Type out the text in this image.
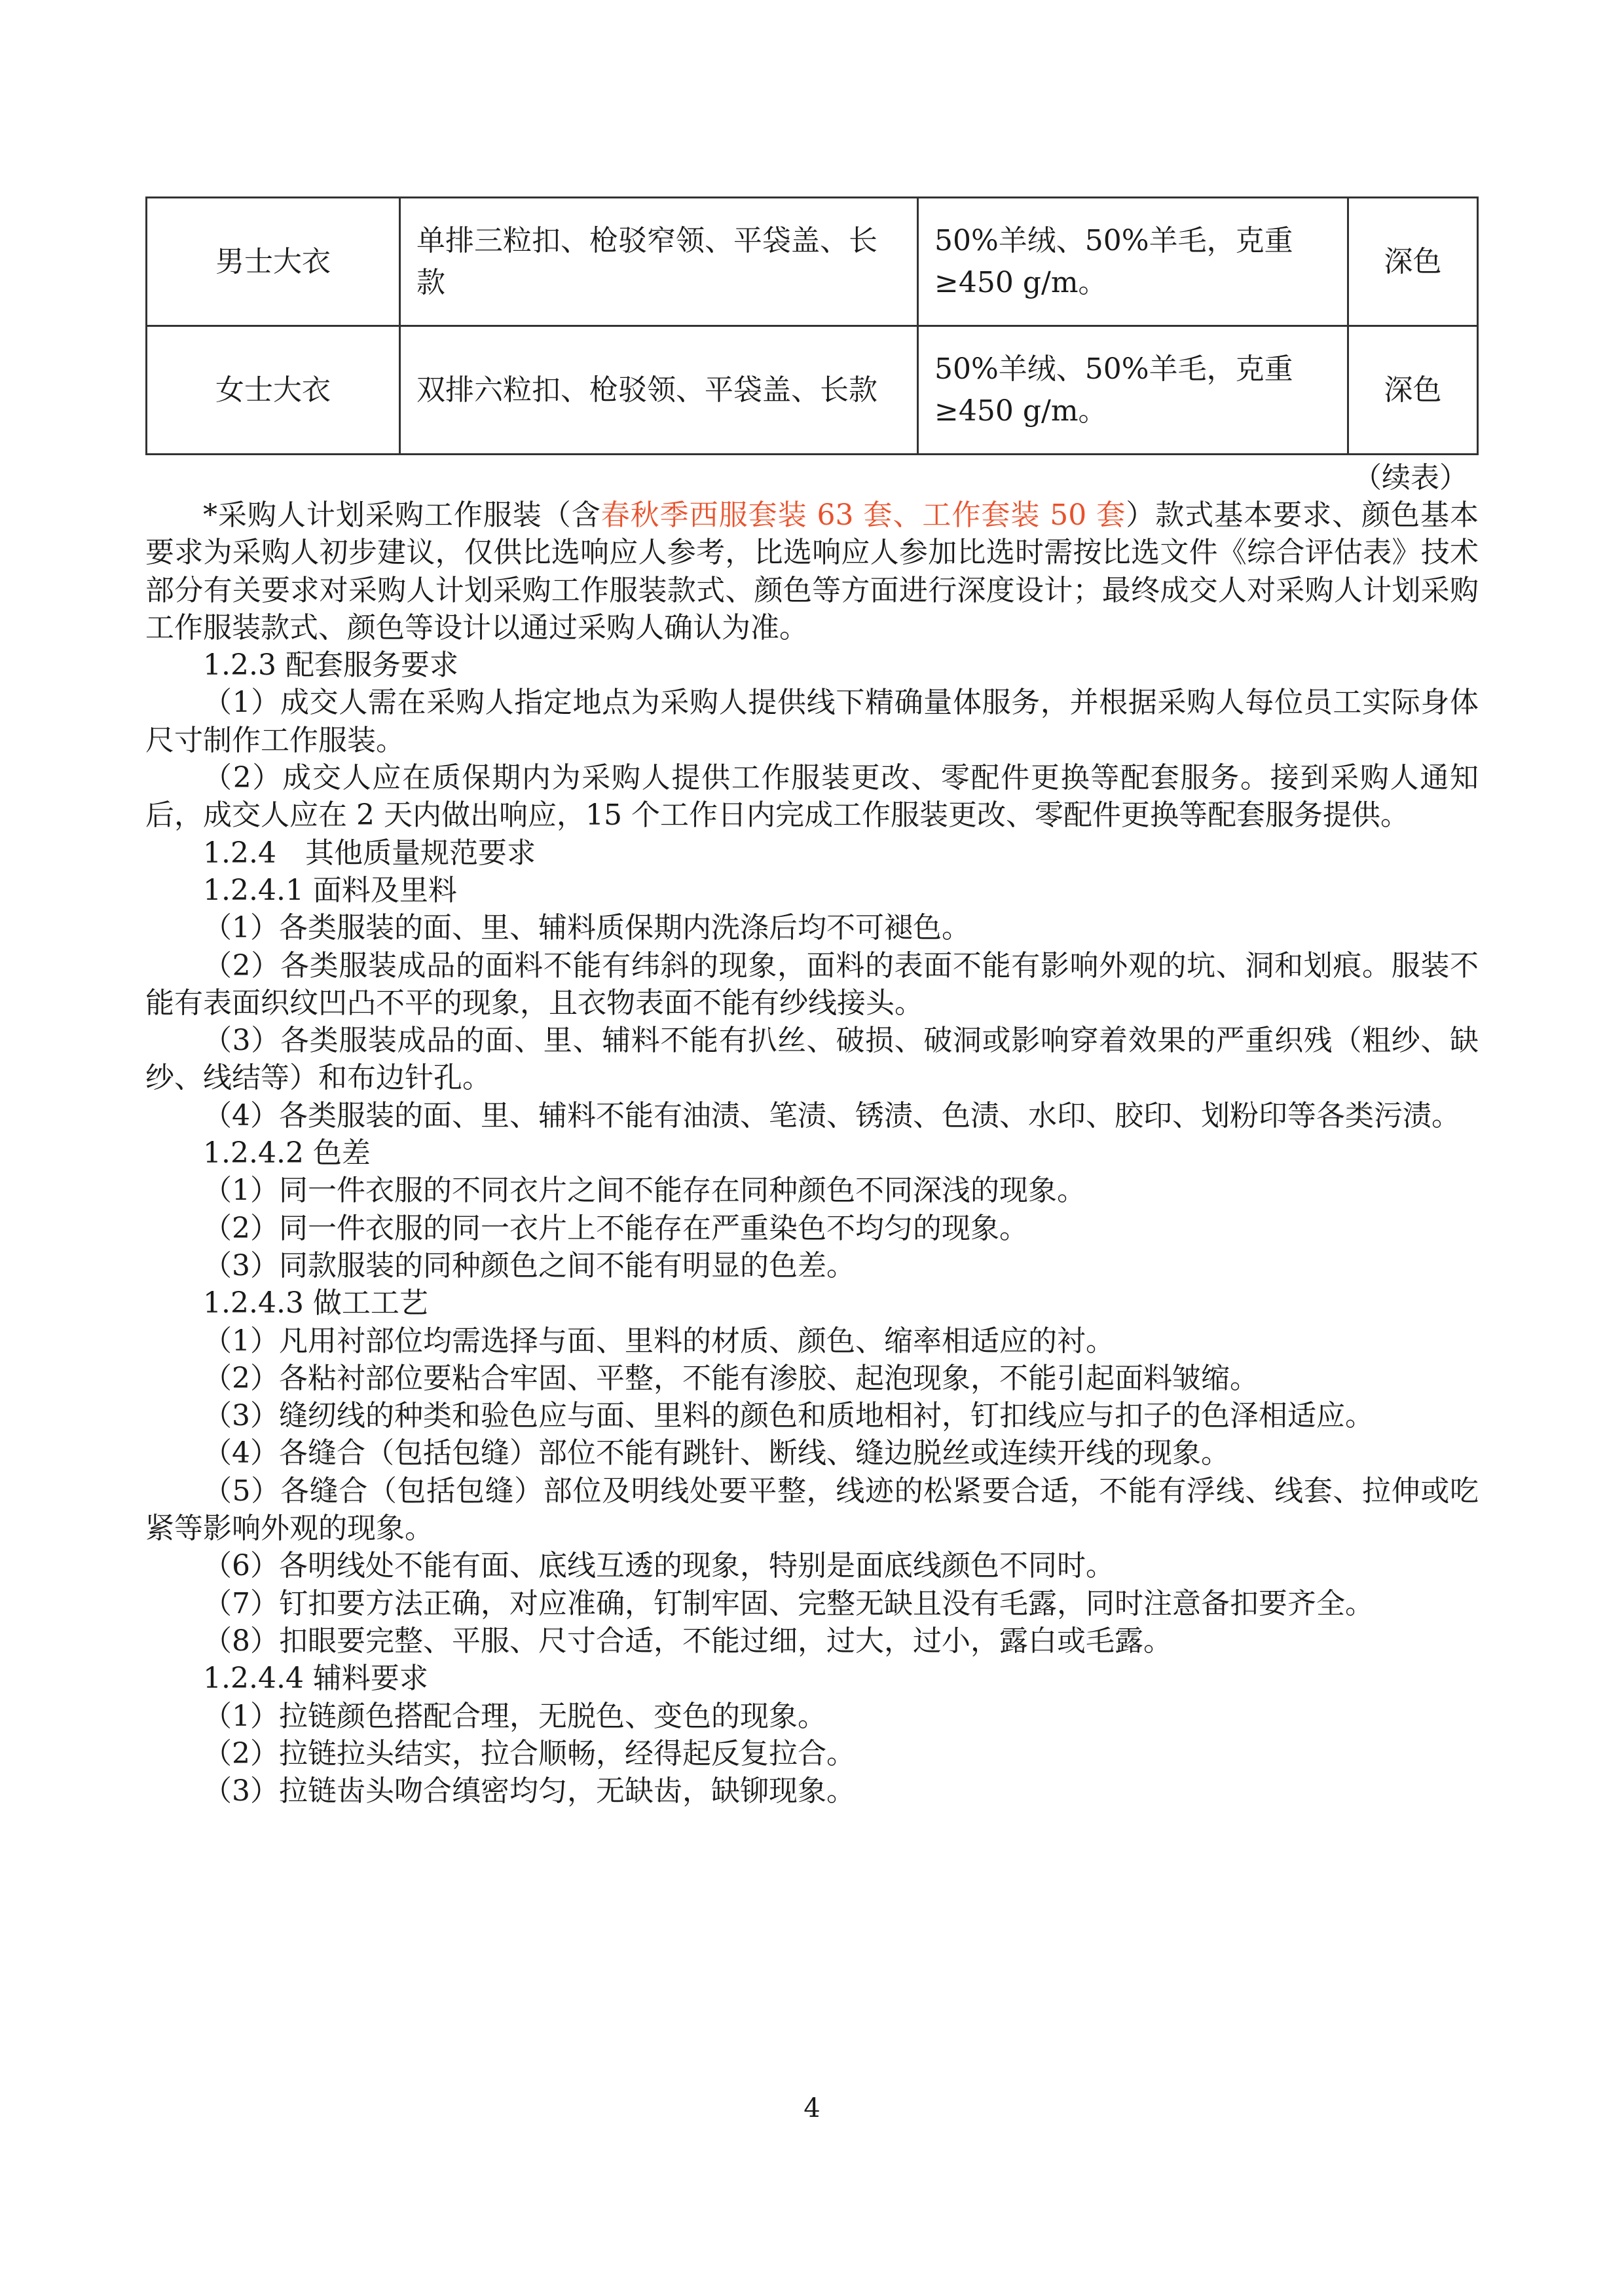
男士大衣	单排三粒扣、枪驳窄领、平袋盖、长款	50%羊绒、50%羊毛，克重≥450 g/m。	深色
女士大衣	双排六粒扣、枪驳领、平袋盖、长款	50%羊绒、50%羊毛，克重≥450 g/m。	深色
（续表）

*采购人计划采购工作服装（含春秋季西服套装 63 套、工作套装 50 套）款式基本要求、颜色基本要求为采购人初步建议，仅供比选响应人参考，比选响应人参加比选时需按比选文件《综合评估表》技术部分有关要求对采购人计划采购工作服装款式、颜色等方面进行深度设计；最终成交人对采购人计划采购工作服装款式、颜色等设计以通过采购人确认为准。

1.2.3 配套服务要求

（1）成交人需在采购人指定地点为采购人提供线下精确量体服务，并根据采购人每位员工实际身体尺寸制作工作服装。

（2）成交人应在质保期内为采购人提供工作服装更改、零配件更换等配套服务。接到采购人通知后，成交人应在 2 天内做出响应，15 个工作日内完成工作服装更改、零配件更换等配套服务提供。

1.2.4　其他质量规范要求

1.2.4.1 面料及里料

（1）各类服装的面、里、辅料质保期内洗涤后均不可褪色。

（2）各类服装成品的面料不能有纬斜的现象，面料的表面不能有影响外观的坑、洞和划痕。服装不能有表面织纹凹凸不平的现象，且衣物表面不能有纱线接头。

（3）各类服装成品的面、里、辅料不能有扒丝、破损、破洞或影响穿着效果的严重织残（粗纱、缺纱、线结等）和布边针孔。

（4）各类服装的面、里、辅料不能有油渍、笔渍、锈渍、色渍、水印、胶印、划粉印等各类污渍。

1.2.4.2 色差

（1）同一件衣服的不同衣片之间不能存在同种颜色不同深浅的现象。

（2）同一件衣服的同一衣片上不能存在严重染色不均匀的现象。

（3）同款服装的同种颜色之间不能有明显的色差。

1.2.4.3 做工工艺

（1）凡用衬部位均需选择与面、里料的材质、颜色、缩率相适应的衬。

（2）各粘衬部位要粘合牢固、平整，不能有渗胶、起泡现象，不能引起面料皱缩。

（3）缝纫线的种类和验色应与面、里料的颜色和质地相衬，钉扣线应与扣子的色泽相适应。

（4）各缝合（包括包缝）部位不能有跳针、断线、缝边脱丝或连续开线的现象。

（5）各缝合（包括包缝）部位及明线处要平整，线迹的松紧要合适，不能有浮线、线套、拉伸或吃紧等影响外观的现象。

（6）各明线处不能有面、底线互透的现象，特别是面底线颜色不同时。

（7）钉扣要方法正确，对应准确，钉制牢固、完整无缺且没有毛露，同时注意备扣要齐全。

（8）扣眼要完整、平服、尺寸合适，不能过细，过大，过小，露白或毛露。

1.2.4.4 辅料要求

（1）拉链颜色搭配合理，无脱色、变色的现象。

（2）拉链拉头结实，拉合顺畅，经得起反复拉合。

（3）拉链齿头吻合缜密均匀，无缺齿，缺铆现象。

4
